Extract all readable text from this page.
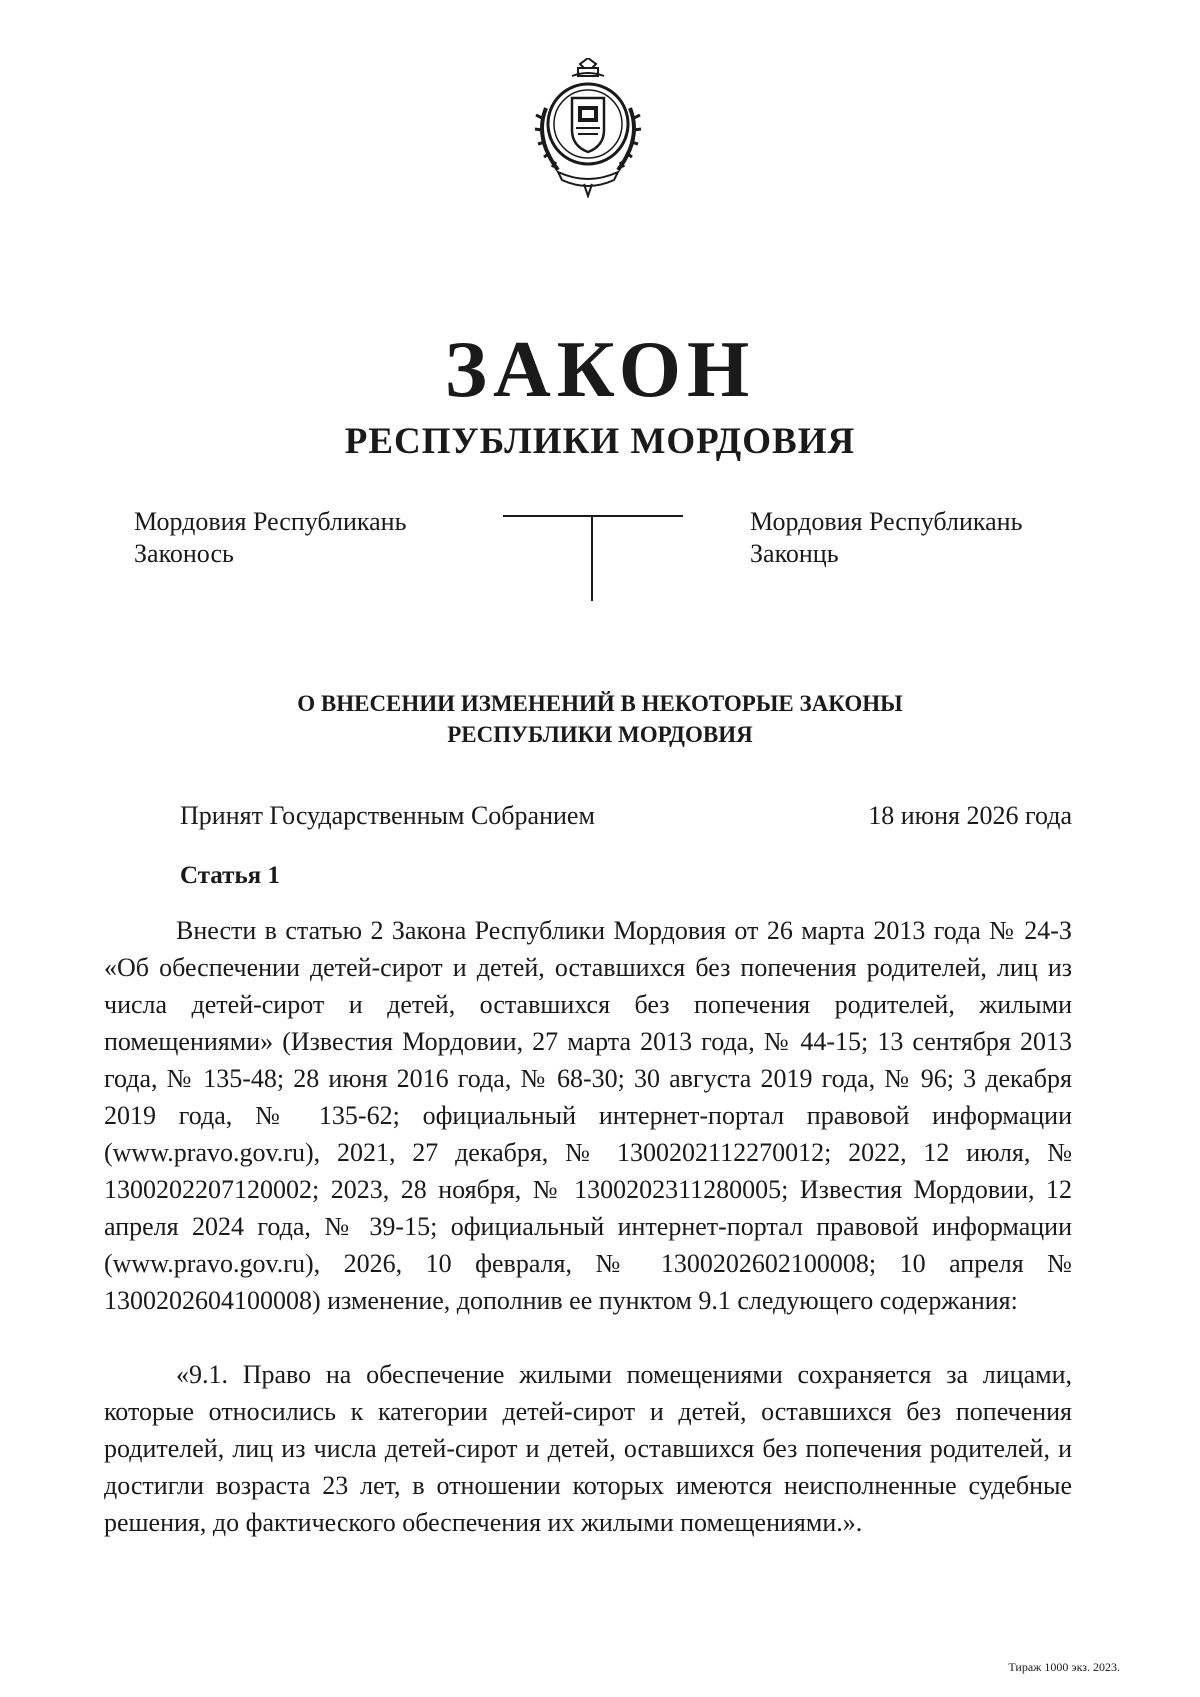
ЗАКОН
РЕСПУБЛИКИ МОРДОВИЯ
Мордовия Республикань
Законось
Мордовия Республикань
Законць
О ВНЕСЕНИИ ИЗМЕНЕНИЙ В НЕКОТОРЫЕ ЗАКОНЫ
РЕСПУБЛИКИ МОРДОВИЯ
Принят Государственным Собранием	18 июня 2026 года
Статья 1

Внести в статью 2 Закона Республики Мордовия от 26 марта 2013 года № 24-З «Об обеспечении детей-сирот и детей, оставшихся без попечения родителей, лиц из числа детей-сирот и детей, оставшихся без попечения родителей, жилыми помещениями» (Известия Мордовии, 27 марта 2013 года, № 44-15; 13 сентября 2013 года, № 135-48; 28 июня 2016 года, № 68-30; 30 августа 2019 года, № 96; 3 декабря 2019 года, № 135-62; официальный интернет-портал правовой информации (www.pravo.gov.ru), 2021, 27 декабря, № 1300202112270012; 2022, 12 июля, № 1300202207120002; 2023, 28 ноября, № 1300202311280005; Известия Мордовии, 12 апреля 2024 года, № 39-15; официальный интернет-портал правовой информации (www.pravo.gov.ru), 2026, 10 февраля, № 1300202602100008; 10 апреля № 1300202604100008) изменение, дополнив ее пунктом 9.1 следующего содержания:

«9.1. Право на обеспечение жилыми помещениями сохраняется за лицами, которые относились к категории детей-сирот и детей, оставшихся без попечения родителей, лиц из числа детей-сирот и детей, оставшихся без попечения родителей, и достигли возраста 23 лет, в отношении которых имеются неисполненные судебные решения, до фактического обеспечения их жилыми помещениями.».

Тираж 1000 экз. 2023.
